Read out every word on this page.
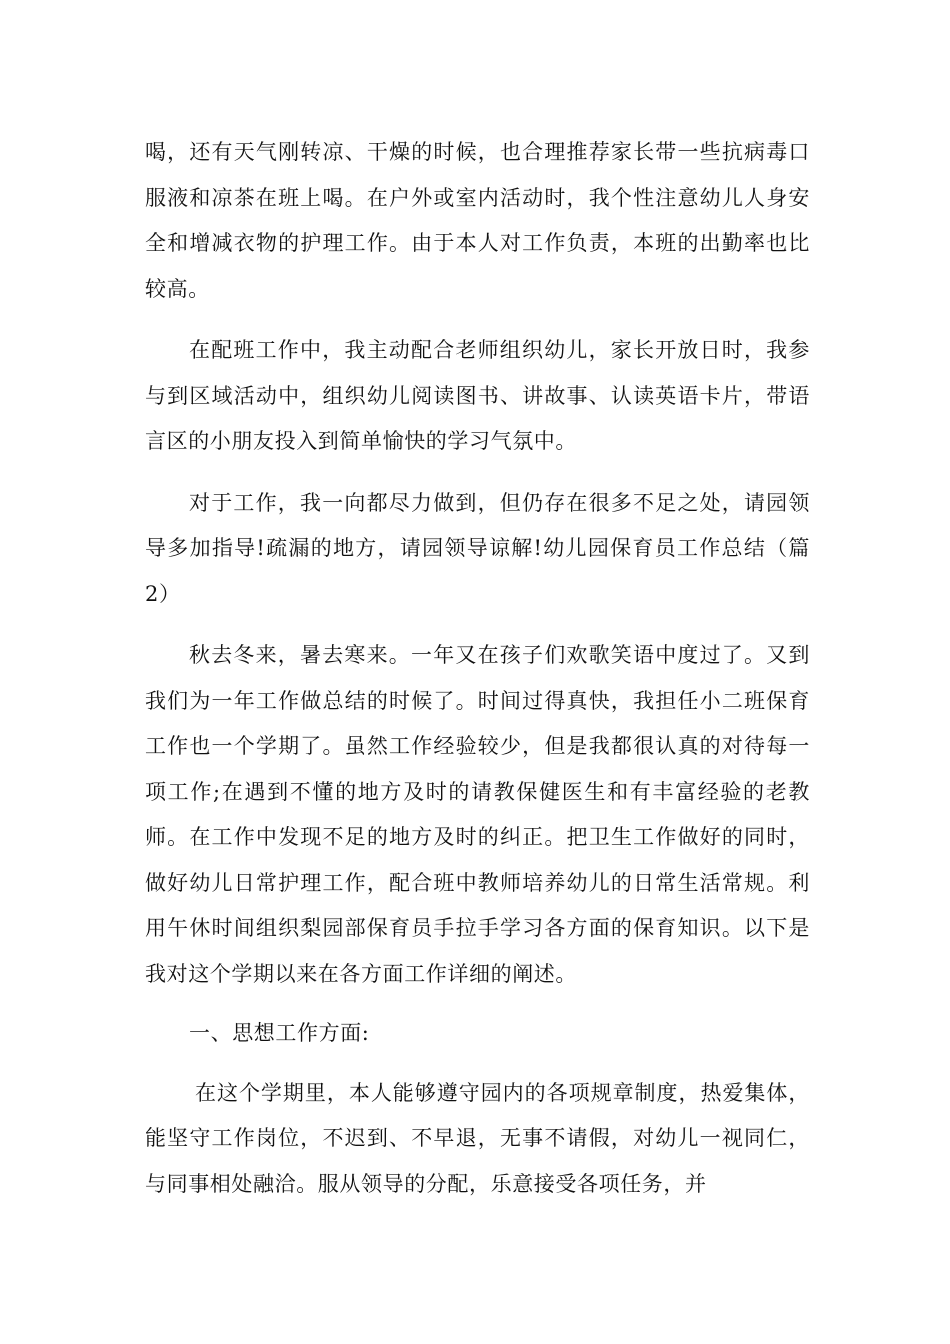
喝，还有天气刚转凉、干燥的时候，也合理推荐家长带一些抗病毒口服液和凉茶在班上喝。在户外或室内活动时，我个性注意幼儿人身安全和增减衣物的护理工作。由于本人对工作负责，本班的出勤率也比较高。

在配班工作中，我主动配合老师组织幼儿，家长开放日时，我参与到区域活动中，组织幼儿阅读图书、讲故事、认读英语卡片，带语言区的小朋友投入到简单愉快的学习气氛中。

对于工作，我一向都尽力做到，但仍存在很多不足之处，请园领导多加指导!疏漏的地方，请园领导谅解!幼儿园保育员工作总结（篇2）

秋去冬来，暑去寒来。一年又在孩子们欢歌笑语中度过了。又到我们为一年工作做总结的时候了。时间过得真快，我担任小二班保育工作也一个学期了。虽然工作经验较少，但是我都很认真的对待每一项工作;在遇到不懂的地方及时的请教保健医生和有丰富经验的老教师。在工作中发现不足的地方及时的纠正。把卫生工作做好的同时，做好幼儿日常护理工作，配合班中教师培养幼儿的日常生活常规。利用午休时间组织梨园部保育员手拉手学习各方面的保育知识。以下是我对这个学期以来在各方面工作详细的阐述。

一、思想工作方面:

在这个学期里，本人能够遵守园内的各项规章制度，热爱集体，能坚守工作岗位，不迟到、不早退，无事不请假，对幼儿一视同仁，与同事相处融洽。服从领导的分配，乐意接受各项任务，并
